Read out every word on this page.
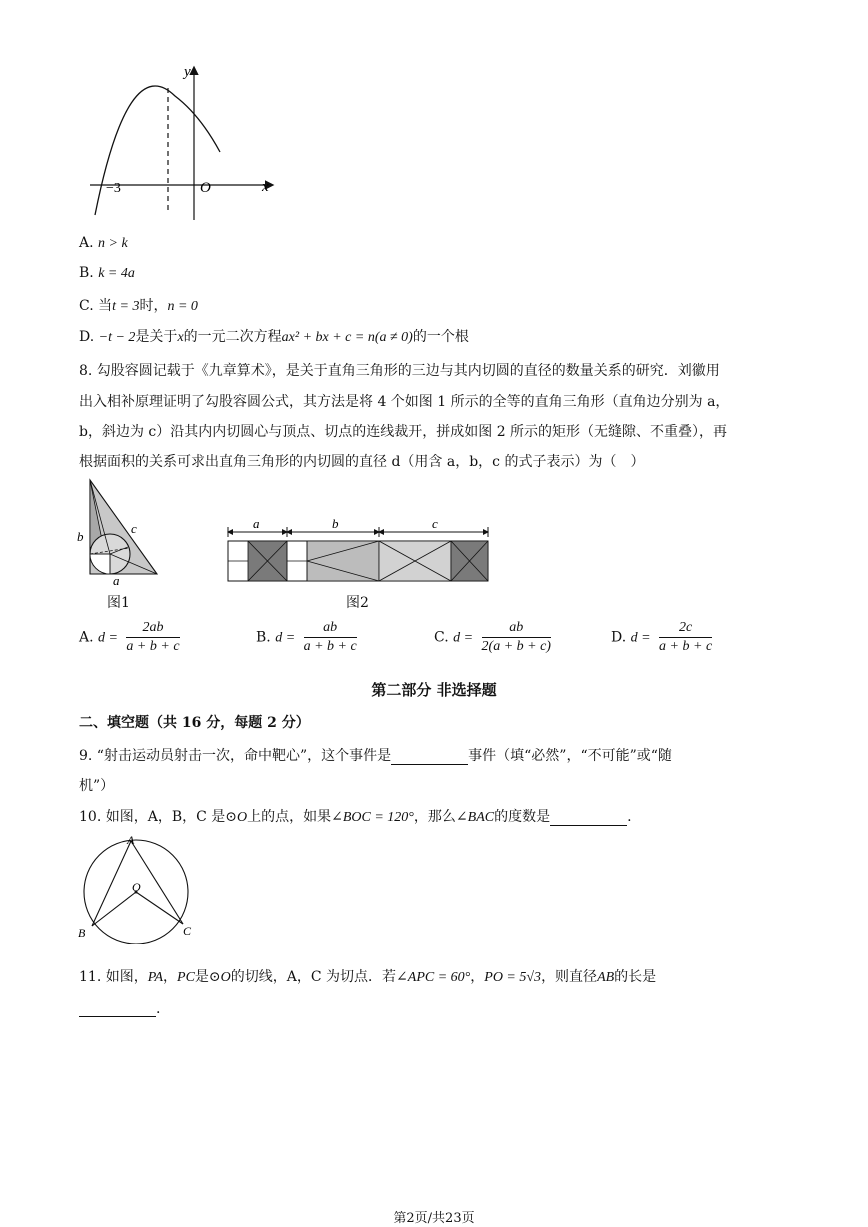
y
x
O
−3
A. n > k
B. k = 4a
C. 当t = 3时，n = 0
D. −t − 2是关于x的一元二次方程ax² + bx + c = n(a ≠ 0)的一个根
8. 勾股容圆记载于《九章算术》，是关于直角三角形的三边与其内切圆的直径的数量关系的研究．刘徽用
出入相补原理证明了勾股容圆公式，其方法是将 4 个如图 1 所示的全等的直角三角形（直角边分别为 a，
b，斜边为 c）沿其内内切圆心与顶点、切点的连线裁开，拼成如图 2 所示的矩形（无缝隙、不重叠），再
根据面积的关系可求出直角三角形的内切圆的直径 d（用含 a，b，c 的式子表示）为（　）
b
c
a
图1
a	b	c
图2
A. $d = \frac{2ab}{a + b + c}$	B. $d = \frac{ab}{a + b + c}$	C. $d = \frac{ab}{2(a + b + c)}$	D. $d = \frac{2c}{a + b + c}$
第二部分 非选择题
二、填空题（共 16 分，每题 2 分）
9. “射击运动员射击一次，命中靶心”，这个事件是	事件（填“必然”，“不可能”或“随
机”）
10. 如图，A，B，C 是⊙O上的点，如果∠BOC = 120°，那么∠BAC的度数是	.
A
B	C
O
11. 如图，PA，PC是⊙O的切线，A，C 为切点．若∠APC = 60°，PO = 5√3，则直径AB的长是
.
第2页/共23页
